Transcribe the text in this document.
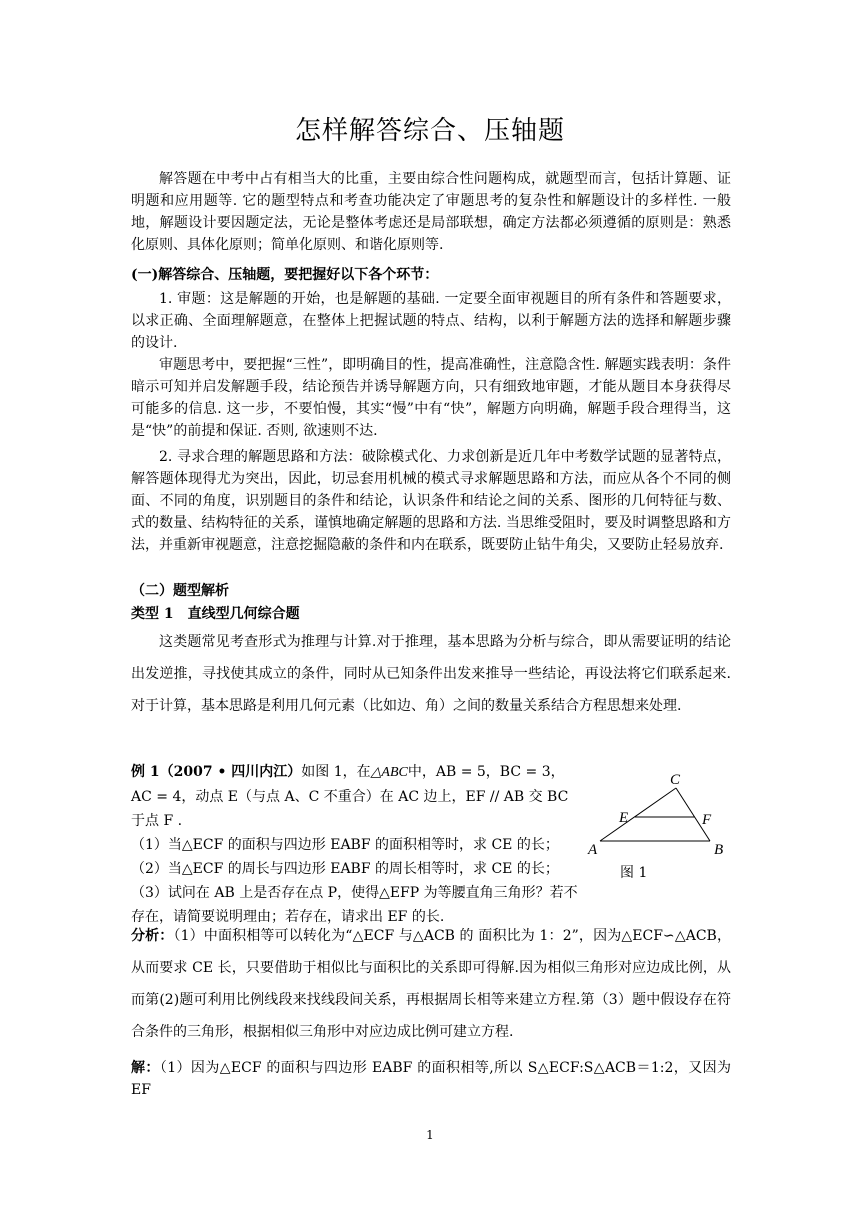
怎样解答综合、压轴题

解答题在中考中占有相当大的比重，主要由综合性问题构成，就题型而言，包括计算题、证明题和应用题等. 它的题型特点和考查功能决定了审题思考的复杂性和解题设计的多样性. 一般地，解题设计要因题定法，无论是整体考虑还是局部联想，确定方法都必须遵循的原则是：熟悉化原则、具体化原则；简单化原则、和谐化原则等.

(一)解答综合、压轴题，要把握好以下各个环节：

1. 审题：这是解题的开始，也是解题的基础. 一定要全面审视题目的所有条件和答题要求，以求正确、全面理解题意，在整体上把握试题的特点、结构，以利于解题方法的选择和解题步骤的设计.

审题思考中，要把握“三性”，即明确目的性，提高准确性，注意隐含性. 解题实践表明：条件暗示可知并启发解题手段，结论预告并诱导解题方向，只有细致地审题，才能从题目本身获得尽可能多的信息. 这一步，不要怕慢，其实“慢”中有“快”，解题方向明确，解题手段合理得当，这是“快”的前提和保证. 否则, 欲速则不达.

2. 寻求合理的解题思路和方法：破除模式化、力求创新是近几年中考数学试题的显著特点，解答题体现得尤为突出，因此，切忌套用机械的模式寻求解题思路和方法，而应从各个不同的侧面、不同的角度，识别题目的条件和结论，认识条件和结论之间的关系、图形的几何特征与数、式的数量、结构特征的关系，谨慎地确定解题的思路和方法. 当思维受阻时，要及时调整思路和方法，并重新审视题意，注意挖掘隐蔽的条件和内在联系，既要防止钻牛角尖，又要防止轻易放弃.

（二）题型解析

类型 1　直线型几何综合题

这类题常见考查形式为推理与计算.对于推理，基本思路为分析与综合，即从需要证明的结论出发逆推，寻找使其成立的条件，同时从已知条件出发来推导一些结论，再设法将它们联系起来.对于计算，基本思路是利用几何元素（比如边、角）之间的数量关系结合方程思想来处理.

例 1（2007 • 四川内江）如图 1，在△ABC中，AB = 5，BC = 3，AC = 4，动点 E（与点 A、C 不重合）在 AC 边上，EF // AB 交 BC 于点 F .
（1）当△ECF 的面积与四边形 EABF 的面积相等时，求 CE 的长；
（2）当△ECF 的周长与四边形 EABF 的周长相等时，求 CE 的长；
（3）试问在 AB 上是否存在点 P，使得△EFP 为等腰直角三角形？若不存在，请简要说明理由；若存在，请求出 EF 的长.
A	B
C
E	F
图 1

分析：（1）中面积相等可以转化为“△ECF 与△ACB 的 面积比为 1：2”，因为△ECF∽△ACB，从而要求 CE 长，只要借助于相似比与面积比的关系即可得解.因为相似三角形对应边成比例，从而第(2)题可利用比例线段来找线段间关系，再根据周长相等来建立方程.第（3）题中假设存在符合条件的三角形，根据相似三角形中对应边成比例可建立方程.

解：（1）因为△ECF 的面积与四边形 EABF 的面积相等,所以 S△ECF:S△ACB＝1:2，又因为 EF

1
